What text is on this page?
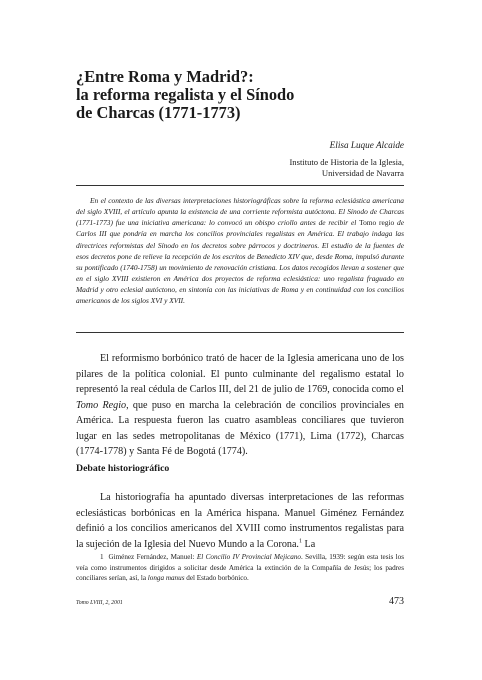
¿Entre Roma y Madrid?:
la reforma regalista y el Sínodo
de Charcas (1771-1773)
Elisa Luque Alcaide
Instituto de Historia de la Iglesia,
Universidad de Navarra

En el contexto de las diversas interpretaciones historiográficas sobre la reforma eclesiástica americana del siglo XVIII, el artículo apunta la existencia de una corriente reformista autóctona. El Sínodo de Charcas (1771-1773) fue una iniciativa americana: lo convocó un obispo criollo antes de recibir el Tomo regio de Carlos III que pondría en marcha los concilios provinciales regalistas en América. El trabajo indaga las directrices reformistas del Sínodo en los decretos sobre párrocos y doctrineros. El estudio de la fuentes de esos decretos pone de relieve la recepción de los escritos de Benedicto XIV que, desde Roma, impulsó durante su pontificado (1740-1758) un movimiento de renovación cristiana. Los datos recogidos llevan a sostener que en el siglo XVIII existieron en América dos proyectos de reforma eclesiástica: uno regalista fraguado en Madrid y otro eclesial autóctono, en sintonía con las iniciativas de Roma y en continuidad con los concilios americanos de los siglos XVI y XVII.

El reformismo borbónico trató de hacer de la Iglesia americana uno de los pilares de la política colonial. El punto culminante del regalismo estatal lo representó la real cédula de Carlos III, del 21 de julio de 1769, conocida como el Tomo Regio, que puso en marcha la celebración de concilios provinciales en América. La respuesta fueron las cuatro asambleas conciliares que tuvieron lugar en las sedes metropolitanas de México (1771), Lima (1772), Charcas (1774-1778) y Santa Fé de Bogotá (1774).

Debate historiográfico

La historiografía ha apuntado diversas interpretaciones de las reformas eclesiásticas borbónicas en la América hispana. Manuel Giménez Fernández definió a los concilios americanos del XVIII como instrumentos regalistas para la sujeción de la Iglesia del Nuevo Mundo a la Corona.$^1$ La

1 Giménez Fernández, Manuel: El Concilio IV Provincial Mejicano. Sevilla, 1939: según esta tesis los veía como instrumentos dirigidos a solicitar desde América la extinción de la Compañía de Jesús; los padres conciliares serían, así, la longa manus del Estado borbónico.

Tomo LVIII, 2, 2001	473
